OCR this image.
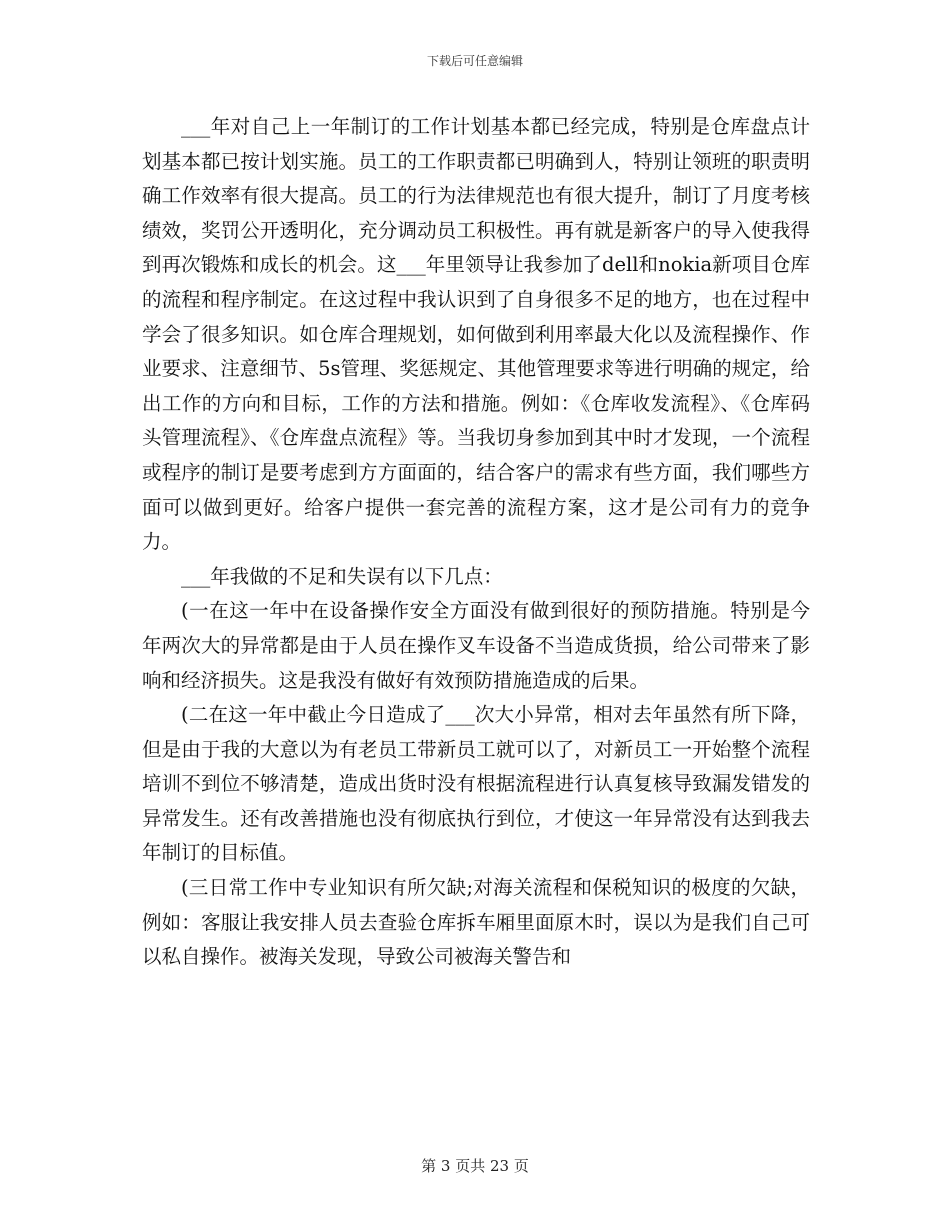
下载后可任意编辑

___年对自己上一年制订的工作计划基本都已经完成，特别是仓库盘点计划基本都已按计划实施。员工的工作职责都已明确到人，特别让领班的职责明确工作效率有很大提高。员工的行为法律规范也有很大提升，制订了月度考核绩效，奖罚公开透明化，充分调动员工积极性。再有就是新客户的导入使我得到再次锻炼和成长的机会。这___年里领导让我参加了dell和nokia新项目仓库的流程和程序制定。在这过程中我认识到了自身很多不足的地方，也在过程中学会了很多知识。如仓库合理规划，如何做到利用率最大化以及流程操作、作业要求、注意细节、5s管理、奖惩规定、其他管理要求等进行明确的规定，给出工作的方向和目标，工作的方法和措施。例如：《仓库收发流程》、《仓库码头管理流程》、《仓库盘点流程》等。当我切身参加到其中时才发现，一个流程或程序的制订是要考虑到方方面面的，结合客户的需求有些方面，我们哪些方面可以做到更好。给客户提供一套完善的流程方案，这才是公司有力的竞争力。

___年我做的不足和失误有以下几点：

(一在这一年中在设备操作安全方面没有做到很好的预防措施。特别是今年两次大的异常都是由于人员在操作叉车设备不当造成货损，给公司带来了影响和经济损失。这是我没有做好有效预防措施造成的后果。

(二在这一年中截止今日造成了___次大小异常，相对去年虽然有所下降，但是由于我的大意以为有老员工带新员工就可以了，对新员工一开始整个流程培训不到位不够清楚，造成出货时没有根据流程进行认真复核导致漏发错发的异常发生。还有改善措施也没有彻底执行到位，才使这一年异常没有达到我去年制订的目标值。

(三日常工作中专业知识有所欠缺;对海关流程和保税知识的极度的欠缺，例如：客服让我安排人员去查验仓库拆车厢里面原木时，误以为是我们自己可以私自操作。被海关发现，导致公司被海关警告和

第 3 页共 23 页
